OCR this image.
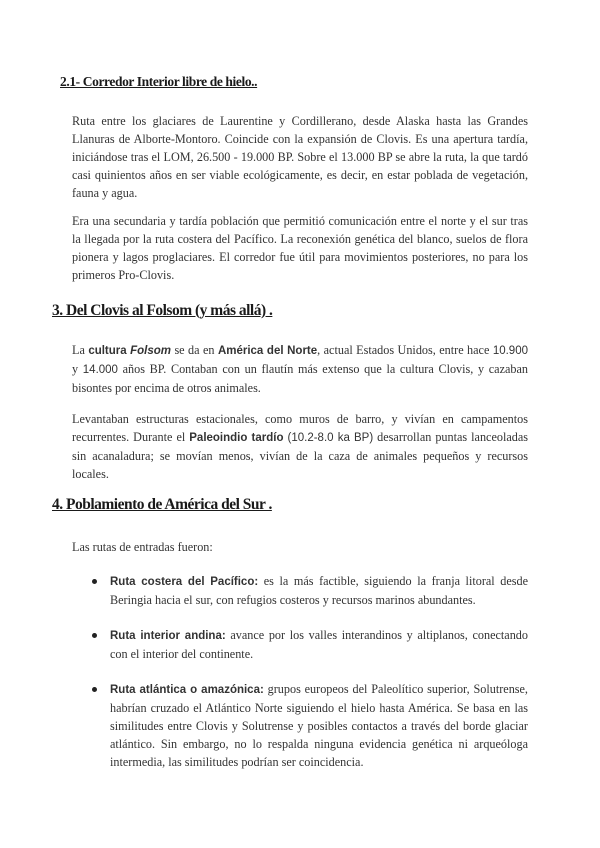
2.1- Corredor Interior libre de hielo..

Ruta entre los glaciares de Laurentine y Cordillerano, desde Alaska hasta las Grandes Llanuras de Alborte-Montoro. Coincide con la expansión de Clovis. Es una apertura tardía, iniciándose tras el LOM, 26.500 - 19.000 BP. Sobre el 13.000 BP se abre la ruta, la que tardó casi quinientos años en ser viable ecológicamente, es decir, en estar poblada de vegetación, fauna y agua.

Era una secundaria y tardía población que permitió comunicación entre el norte y el sur tras la llegada por la ruta costera del Pacífico. La reconexión genética del blanco, suelos de flora pionera y lagos proglaciares. El corredor fue útil para movimientos posteriores, no para los primeros Pro-Clovis.

3. Del Clovis al Folsom (y más allá) .

La cultura Folsom se da en América del Norte, actual Estados Unidos, entre hace 10.900 y 14.000 años BP. Contaban con un flautín más extenso que la cultura Clovis, y cazaban bisontes por encima de otros animales.

Levantaban estructuras estacionales, como muros de barro, y vivían en campamentos recurrentes. Durante el Paleoindio tardío (10.2-8.0 ka BP) desarrollan puntas lanceoladas sin acanaladura; se movían menos, vivían de la caza de animales pequeños y recursos locales.

4. Poblamiento de América del Sur .

Las rutas de entradas fueron:

Ruta costera del Pacífico: es la más factible, siguiendo la franja litoral desde Beringia hacia el sur, con refugios costeros y recursos marinos abundantes.
Ruta interior andina: avance por los valles interandinos y altiplanos, conectando con el interior del continente.
Ruta atlántica o amazónica: grupos europeos del Paleolítico superior, Solutrense, habrían cruzado el Atlántico Norte siguiendo el hielo hasta América. Se basa en las similitudes entre Clovis y Solutrense y posibles contactos a través del borde glaciar atlántico. Sin embargo, no lo respalda ninguna evidencia genética ni arqueóloga intermedia, las similitudes podrían ser coincidencia.
